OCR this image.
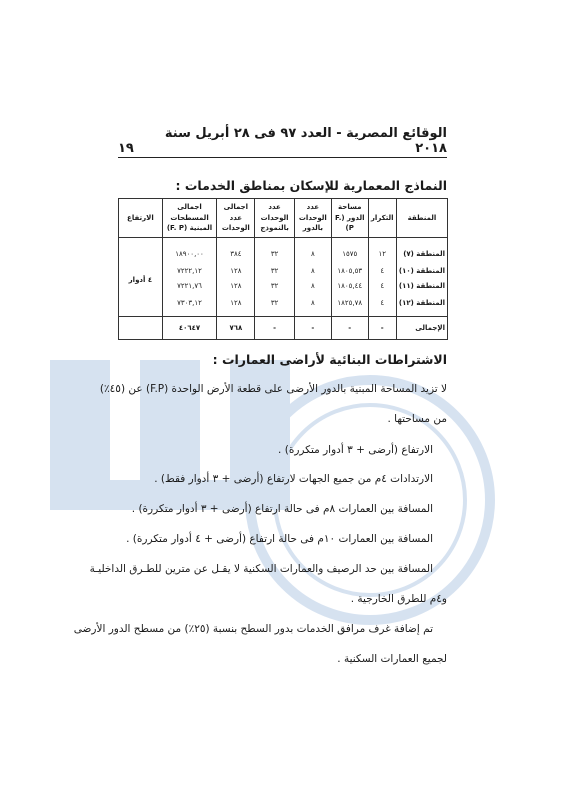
الوقائع المصرية - العدد ٩٧ فى ٢٨ أبريل سنة ٢٠١٨
١٩
النماذج المعمارية للإسكان بمناطق الخدمات :
المنطقة	التكرار	مساحة الدور (F. P)	عدد الوحدات بالدور	عدد الوحدات بالنموذج	اجمالى عدد الوحدات	اجمالى المسطحات المبنية (F. P)	الارتفاع
المنطقة (٧)	١٢	١٥٧٥	٨	٣٢	٣٨٤	١٨٩٠٠,٠٠	٤ أدوار
المنطقة (١٠)	٤	١٨٠٥,٥٣	٨	٣٢	١٢٨	٧٢٢٢,١٢	
المنطقة (١١)	٤	١٨٠٥,٤٤	٨	٣٢	١٢٨	٧٢٢١,٧٦	
المنطقة (١٢)	٤	١٨٢٥,٧٨	٨	٣٢	١٢٨	٧٣٠٣,١٢	
الإجمالى	-	-	-	-	٧٦٨	٤٠٦٤٧	
الاشتراطات البنائية لأراضى العمارات :
لا تزيد المساحة المبنية بالدور الأرضى على قطعة الأرض الواحدة (F.P) عن (٤٥٪)
من مساحتها .
الارتفاع (أرضى + ٣ أدوار متكررة) .
الارتدادات ٤م من جميع الجهات لارتفاع (أرضى + ٣ أدوار فقط) .
المسافة بين العمارات ٨م فى حالة ارتفاع (أرضى + ٣ أدوار متكررة) .
المسافة بين العمارات ١٠م فى حالة ارتفاع (أرضى + ٤ أدوار متكررة) .
المسافة بين حد الرصيف والعمارات السكنية لا يقـل عن مترين للطـرق الداخليـة
و٤م للطرق الخارجية .
تم إضافة غرف مرافق الخدمات بدور السطح بنسبة (٢٥٪) من مسطح الدور الأرضى
لجميع العمارات السكنية .
